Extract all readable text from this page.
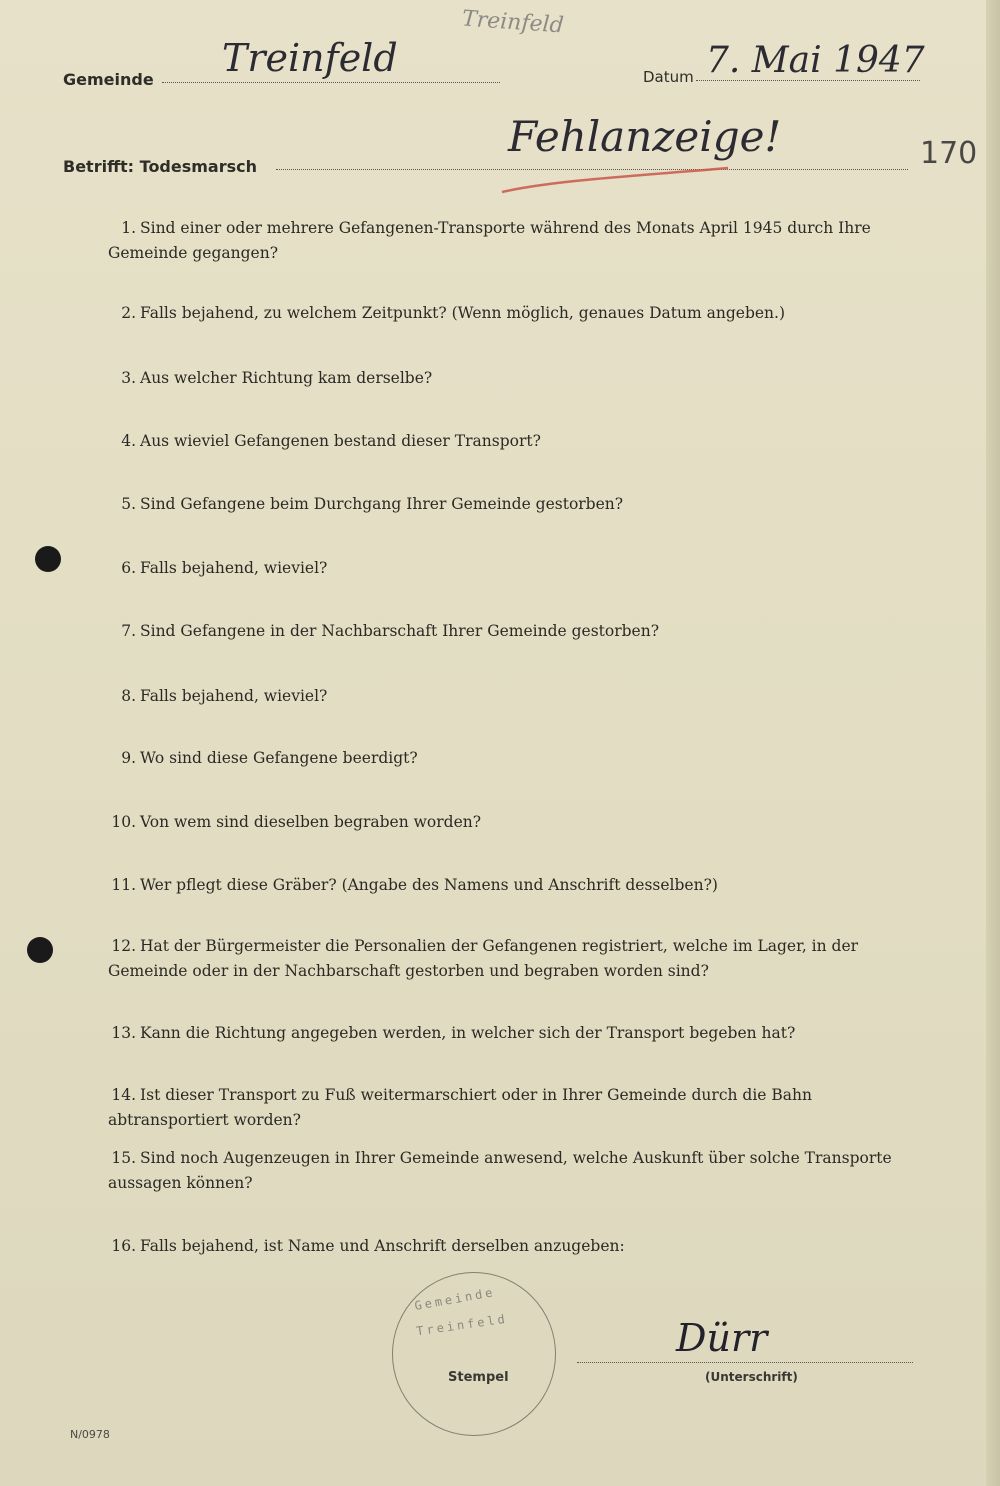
Treinfeld
Gemeinde Treinfeld	Datum 7. Mai 1947
Betrifft: Todesmarsch
Fehlanzeige!	170
1. Sind einer oder mehrere Gefangenen-Transporte während des Monats April 1945 durch Ihre Gemeinde gegangen?
2. Falls bejahend, zu welchem Zeitpunkt? (Wenn möglich, genaues Datum angeben.)
3. Aus welcher Richtung kam derselbe?
4. Aus wieviel Gefangenen bestand dieser Transport?
5. Sind Gefangene beim Durchgang Ihrer Gemeinde gestorben?
6. Falls bejahend, wieviel?
7. Sind Gefangene in der Nachbarschaft Ihrer Gemeinde gestorben?
8. Falls bejahend, wieviel?
9. Wo sind diese Gefangene beerdigt?
10. Von wem sind dieselben begraben worden?
11. Wer pflegt diese Gräber? (Angabe des Namens und Anschrift desselben?)
12. Hat der Bürgermeister die Personalien der Gefangenen registriert, welche im Lager, in der Gemeinde oder in der Nachbarschaft gestorben und begraben worden sind?
13. Kann die Richtung angegeben werden, in welcher sich der Transport begeben hat?
14. Ist dieser Transport zu Fuß weitermarschiert oder in Ihrer Gemeinde durch die Bahn abtransportiert worden?
15. Sind noch Augenzeugen in Ihrer Gemeinde anwesend, welche Auskunft über solche Transporte aussagen können?
16. Falls bejahend, ist Name und Anschrift derselben anzugeben:
Gemeinde
Treinfeld
Stempel
Dürr
(Unterschrift)
N/0978
